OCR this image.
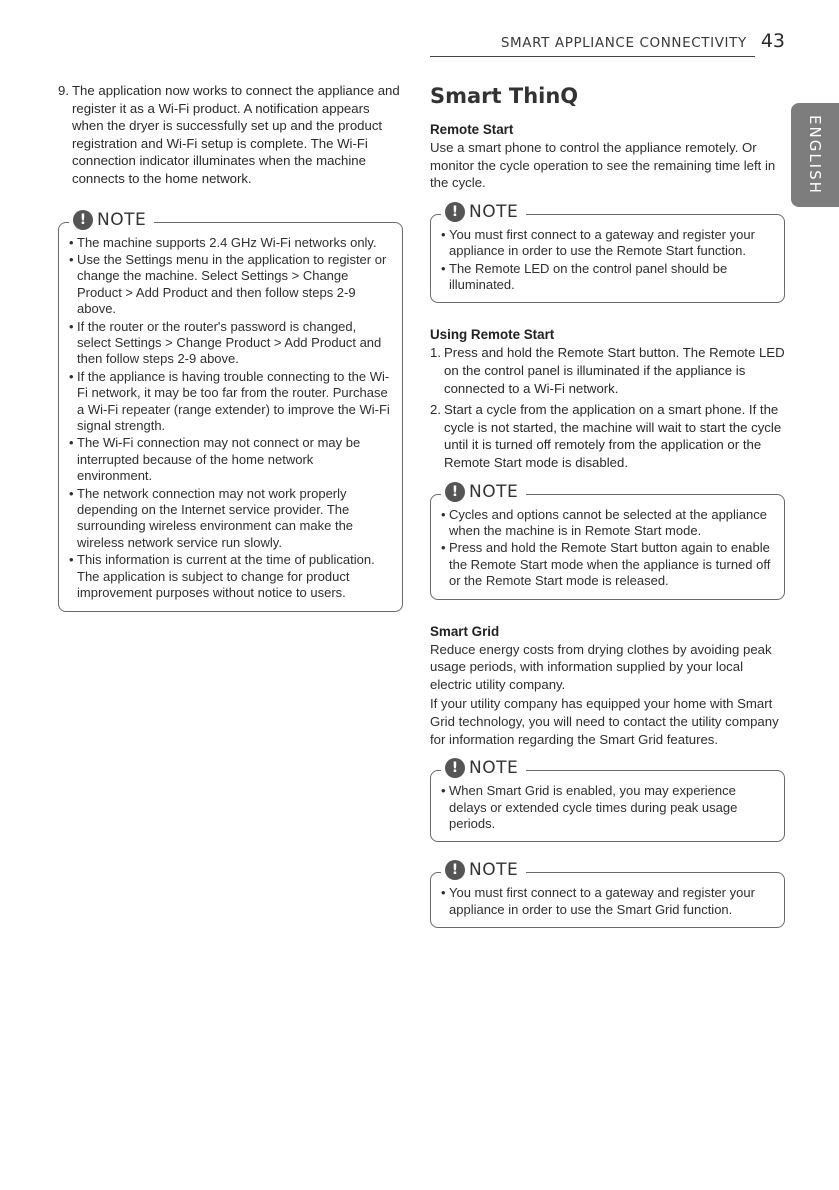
SMART APPLIANCE CONNECTIVITY 43
ENGLISH
9. The application now works to connect the appliance and register it as a Wi-Fi product. A notification appears when the dryer is successfully set up and the product registration and Wi-Fi setup is complete. The Wi-Fi connection indicator illuminates when the machine connects to the home network.
! NOTE
• The machine supports 2.4 GHz Wi-Fi networks only.
• Use the Settings menu in the application to register or change the machine. Select Settings > Change Product > Add Product and then follow steps 2-9 above.
• If the router or the router's password is changed, select Settings > Change Product > Add Product and then follow steps 2-9 above.
• If the appliance is having trouble connecting to the Wi-Fi network, it may be too far from the router. Purchase a Wi-Fi repeater (range extender) to improve the Wi-Fi signal strength.
• The Wi-Fi connection may not connect or may be interrupted because of the home network environment.
• The network connection may not work properly depending on the Internet service provider. The surrounding wireless environment can make the wireless network service run slowly.
• This information is current at the time of publication. The application is subject to change for product improvement purposes without notice to users.
Smart ThinQ
Remote Start

Use a smart phone to control the appliance remotely. Or monitor the cycle operation to see the remaining time left in the cycle.

! NOTE
• You must first connect to a gateway and register your appliance in order to use the Remote Start function.
• The Remote LED on the control panel should be illuminated.
Using Remote Start
1. Press and hold the Remote Start button. The Remote LED on the control panel is illuminated if the appliance is connected to a Wi-Fi network.
2. Start a cycle from the application on a smart phone. If the cycle is not started, the machine will wait to start the cycle until it is turned off remotely from the application or the Remote Start mode is disabled.
! NOTE
• Cycles and options cannot be selected at the appliance when the machine is in Remote Start mode.
• Press and hold the Remote Start button again to enable the Remote Start mode when the appliance is turned off or the Remote Start mode is released.
Smart Grid

Reduce energy costs from drying clothes by avoiding peak usage periods, with information supplied by your local electric utility company.

If your utility company has equipped your home with Smart Grid technology, you will need to contact the utility company for information regarding the Smart Grid features.

! NOTE
• When Smart Grid is enabled, you may experience delays or extended cycle times during peak usage periods.
! NOTE
• You must first connect to a gateway and register your appliance in order to use the Smart Grid function.
